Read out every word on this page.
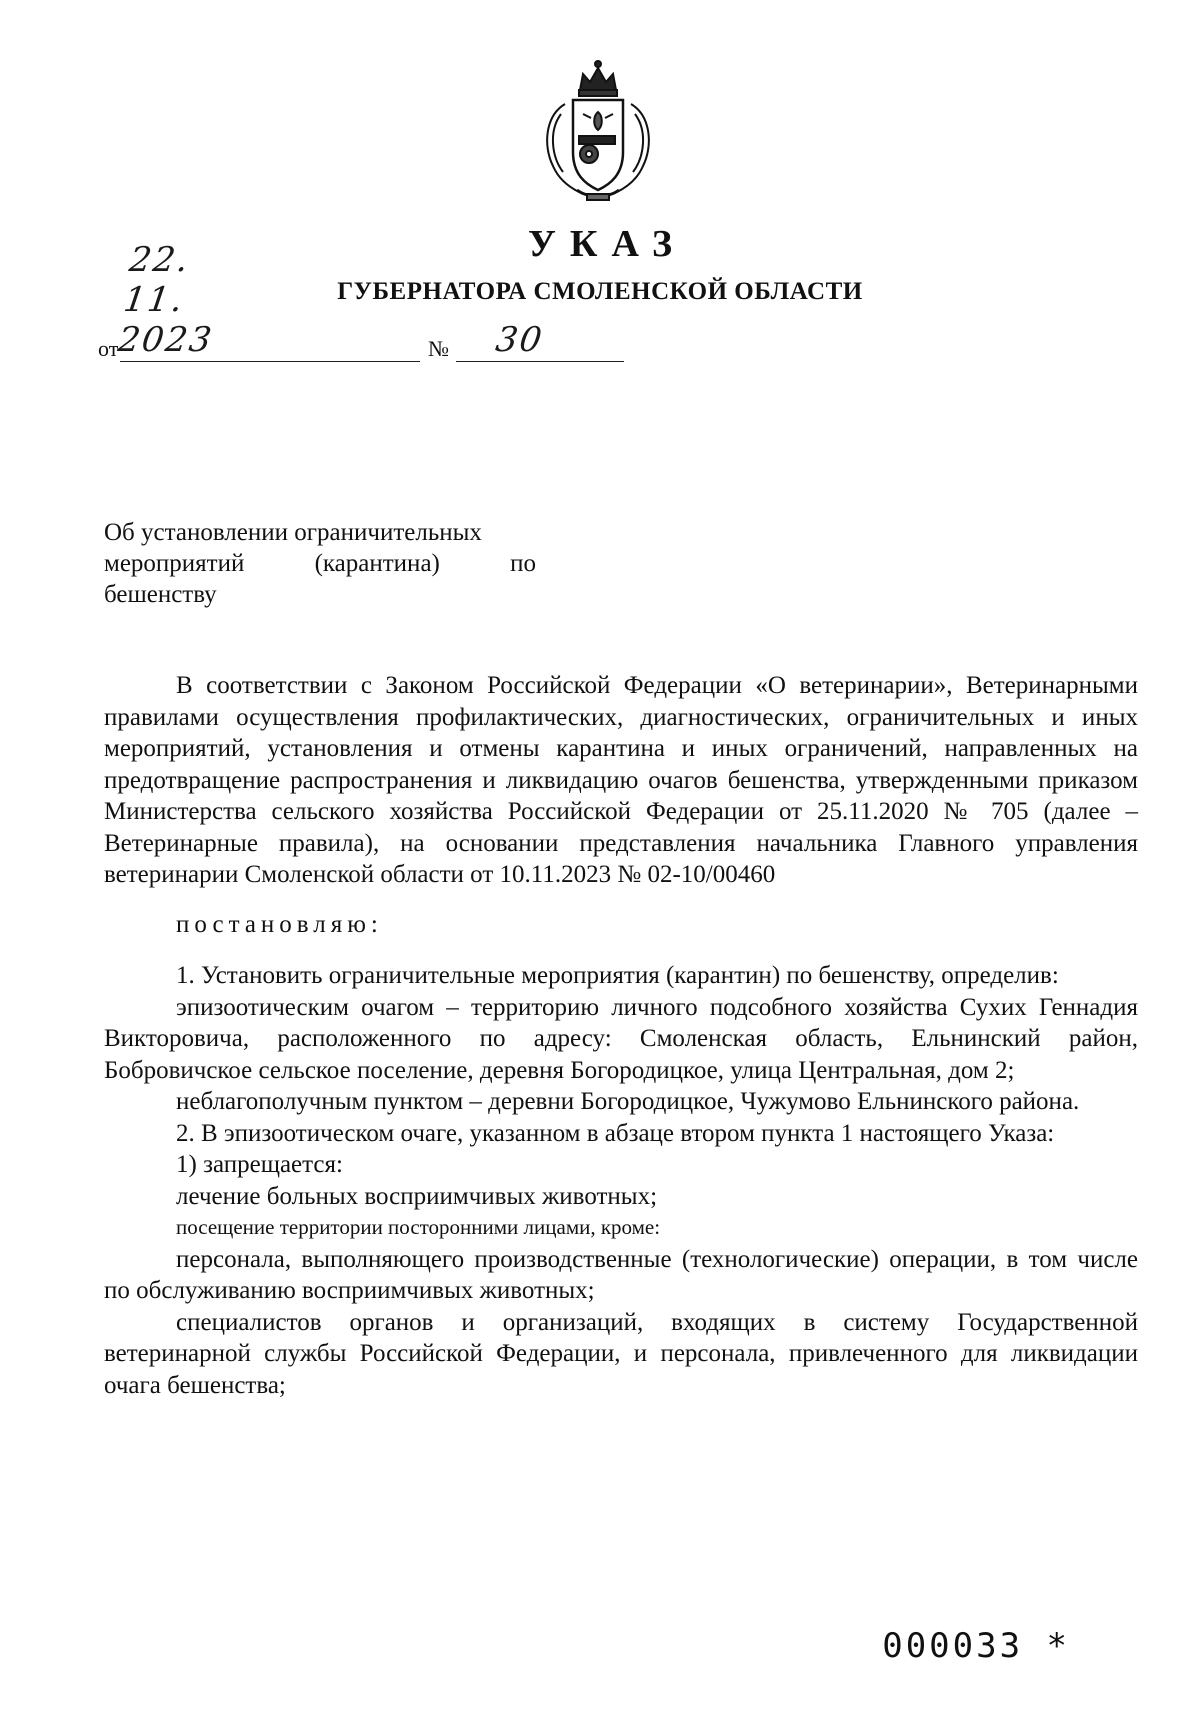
УКАЗ
ГУБЕРНАТОРА СМОЛЕНСКОЙ ОБЛАСТИ
от
22. 11. 2023	№ 30
Об установлении ограничительных
мероприятий	(карантина)	по
бешенству
В соответствии с Законом Российской Федерации «О ветеринарии», Ветеринарными правилами осуществления профилактических, диагностических, ограничительных и иных мероприятий, установления и отмены карантина и иных ограничений, направленных на предотвращение распространения и ликвидацию очагов бешенства, утвержденными приказом Министерства сельского хозяйства Российской Федерации от 25.11.2020 № 705 (далее – Ветеринарные правила), на основании представления начальника Главного управления ветеринарии Смоленской области от 10.11.2023 № 02-10/00460
постановляю:
1. Установить ограничительные мероприятия (карантин) по бешенству, определив:
эпизоотическим очагом – территорию личного подсобного хозяйства Сухих Геннадия Викторовича, расположенного по адресу: Смоленская область, Ельнинский район, Бобровичское сельское поселение, деревня Богородицкое, улица Центральная, дом 2;
неблагополучным пунктом – деревни Богородицкое, Чужумово Ельнинского района.
2. В эпизоотическом очаге, указанном в абзаце втором пункта 1 настоящего Указа:
1) запрещается:
лечение больных восприимчивых животных;
посещение территории посторонними лицами, кроме:
персонала, выполняющего производственные (технологические) операции, в том числе по обслуживанию восприимчивых животных;
специалистов органов и организаций, входящих в систему Государственной ветеринарной службы Российской Федерации, и персонала, привлеченного для ликвидации очага бешенства;
000033 *
